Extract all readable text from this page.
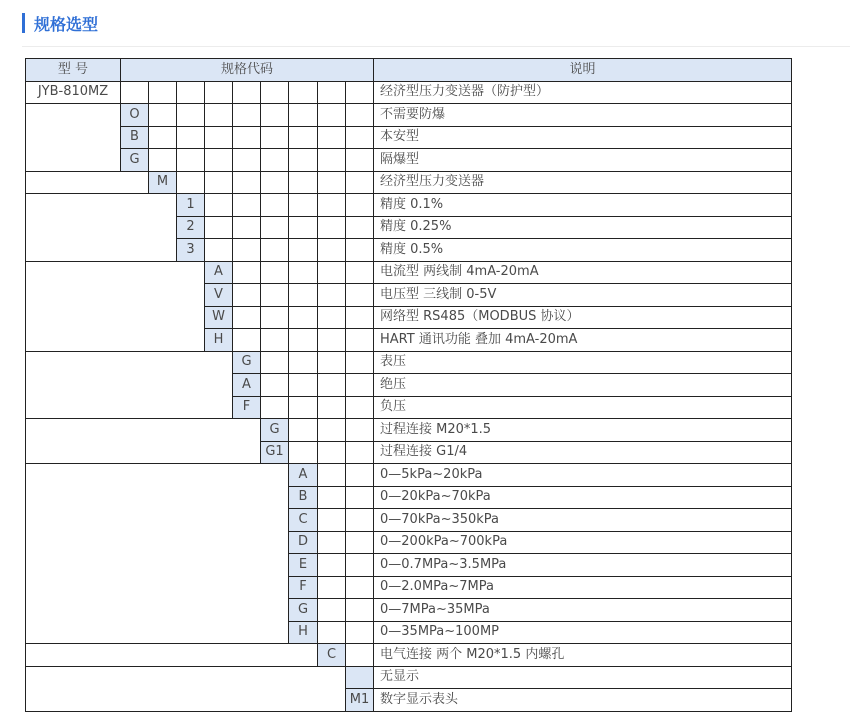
规格选型
型 号	规格代码									说明
JYB-810MZ										经济型压力变送器（防护型）
	O									不需要防爆
	B									本安型
	G									隔爆型
		M								经济型压力变送器
			1							精度 0.1%
			2							精度 0.25%
			3							精度 0.5%
				A						电流型 两线制 4mA-20mA
				V						电压型 三线制 0-5V
				W						网络型 RS485（MODBUS 协议）
				H						HART 通讯功能 叠加 4mA-20mA
					G					表压
					A					绝压
					F					负压
						G				过程连接 M20*1.5
						G1				过程连接 G1/4
							A			0—5kPa~20kPa
							B			0—20kPa~70kPa
							C			0—70kPa~350kPa
							D			0—200kPa~700kPa
							E			0—0.7MPa~3.5MPa
							F			0—2.0MPa~7MPa
							G			0—7MPa~35MPa
							H			0—35MPa~100MP
								C		电气连接 两个 M20*1.5 内螺孔
										无显示
									M1	数字显示表头
